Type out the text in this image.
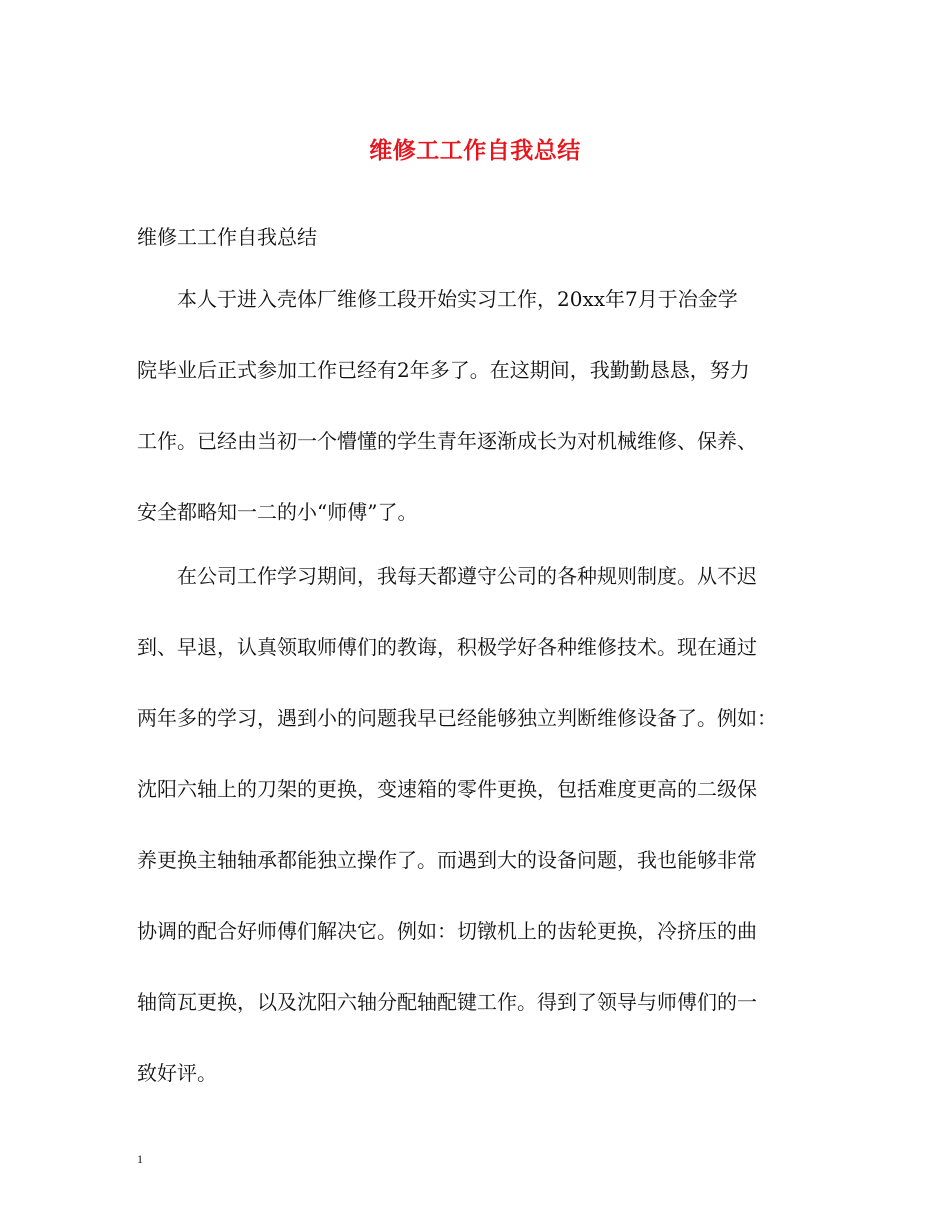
维修工工作自我总结
维修工工作自我总结
　　本人于进入壳体厂维修工段开始实习工作，20xx年7月于冶金学
院毕业后正式参加工作已经有2年多了。在这期间，我勤勤恳恳，努力
工作。已经由当初一个懵懂的学生青年逐渐成长为对机械维修、保养、
安全都略知一二的小“师傅”了。
　　在公司工作学习期间，我每天都遵守公司的各种规则制度。从不迟
到、早退，认真领取师傅们的教诲，积极学好各种维修技术。现在通过
两年多的学习，遇到小的问题我早已经能够独立判断维修设备了。例如：
沈阳六轴上的刀架的更换，变速箱的零件更换，包括难度更高的二级保
养更换主轴轴承都能独立操作了。而遇到大的设备问题，我也能够非常
协调的配合好师傅们解决它。例如：切镦机上的齿轮更换，冷挤压的曲
轴筒瓦更换，以及沈阳六轴分配轴配键工作。得到了领导与师傅们的一
致好评。
1
